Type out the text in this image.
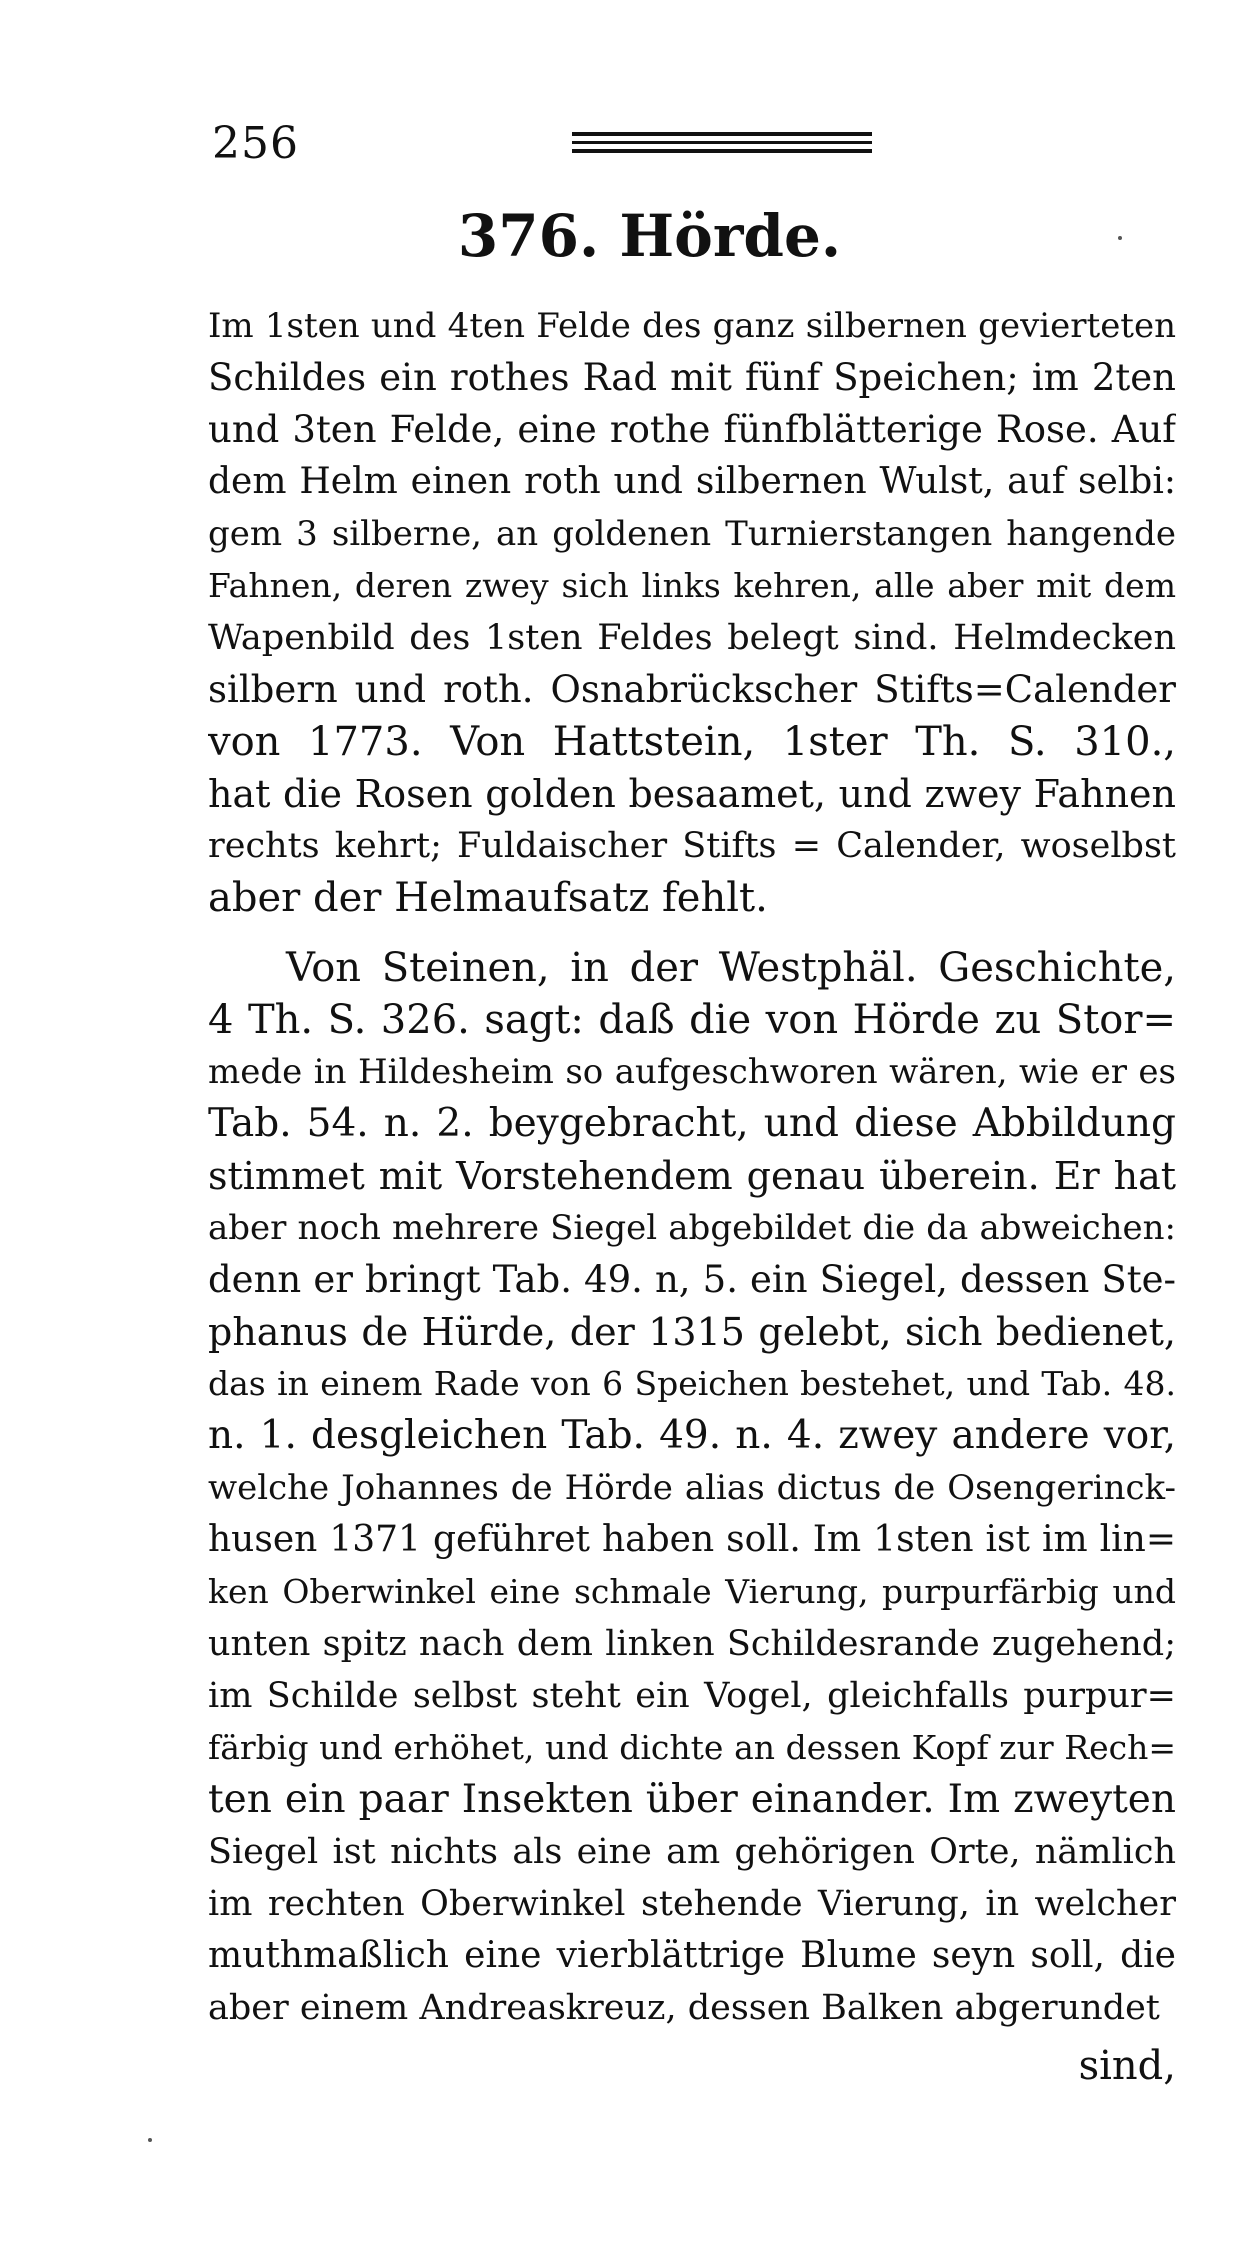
256
376. Hörde.
Im 1sten und 4ten Felde des ganz silbernen gevierteten
Schildes ein rothes Rad mit fünf Speichen; im 2ten
und 3ten Felde, eine rothe fünfblätterige Rose. Auf
dem Helm einen roth und silbernen Wulst, auf selbi:
gem 3 silberne, an goldenen Turnierstangen hangende
Fahnen, deren zwey sich links kehren, alle aber mit dem
Wapenbild des 1sten Feldes belegt sind. Helmdecken
silbern und roth. Osnabrückscher Stifts=Calender
von 1773. Von Hattstein, 1ster Th. S. 310.,
hat die Rosen golden besaamet, und zwey Fahnen
rechts kehrt; Fuldaischer Stifts = Calender, woselbst
aber der Helmaufsatz fehlt.
Von Steinen, in der Westphäl. Geschichte,
4 Th. S. 326. sagt: daß die von Hörde zu Stor=
mede in Hildesheim so aufgeschworen wären, wie er es
Tab. 54. n. 2. beygebracht, und diese Abbildung
stimmet mit Vorstehendem genau überein. Er hat
aber noch mehrere Siegel abgebildet die da abweichen:
denn er bringt Tab. 49. n, 5. ein Siegel, dessen Ste-
phanus de Hürde, der 1315 gelebt, sich bedienet,
das in einem Rade von 6 Speichen bestehet, und Tab. 48.
n. 1. desgleichen Tab. 49. n. 4. zwey andere vor,
welche Johannes de Hörde alias dictus de Osengerinck-
husen 1371 geführet haben soll. Im 1sten ist im lin=
ken Oberwinkel eine schmale Vierung, purpurfärbig und
unten spitz nach dem linken Schildesrande zugehend;
im Schilde selbst steht ein Vogel, gleichfalls purpur=
färbig und erhöhet, und dichte an dessen Kopf zur Rech=
ten ein paar Insekten über einander. Im zweyten
Siegel ist nichts als eine am gehörigen Orte, nämlich
im rechten Oberwinkel stehende Vierung, in welcher
muthmaßlich eine vierblättrige Blume seyn soll, die
aber einem Andreaskreuz, dessen Balken abgerundet
sind,
